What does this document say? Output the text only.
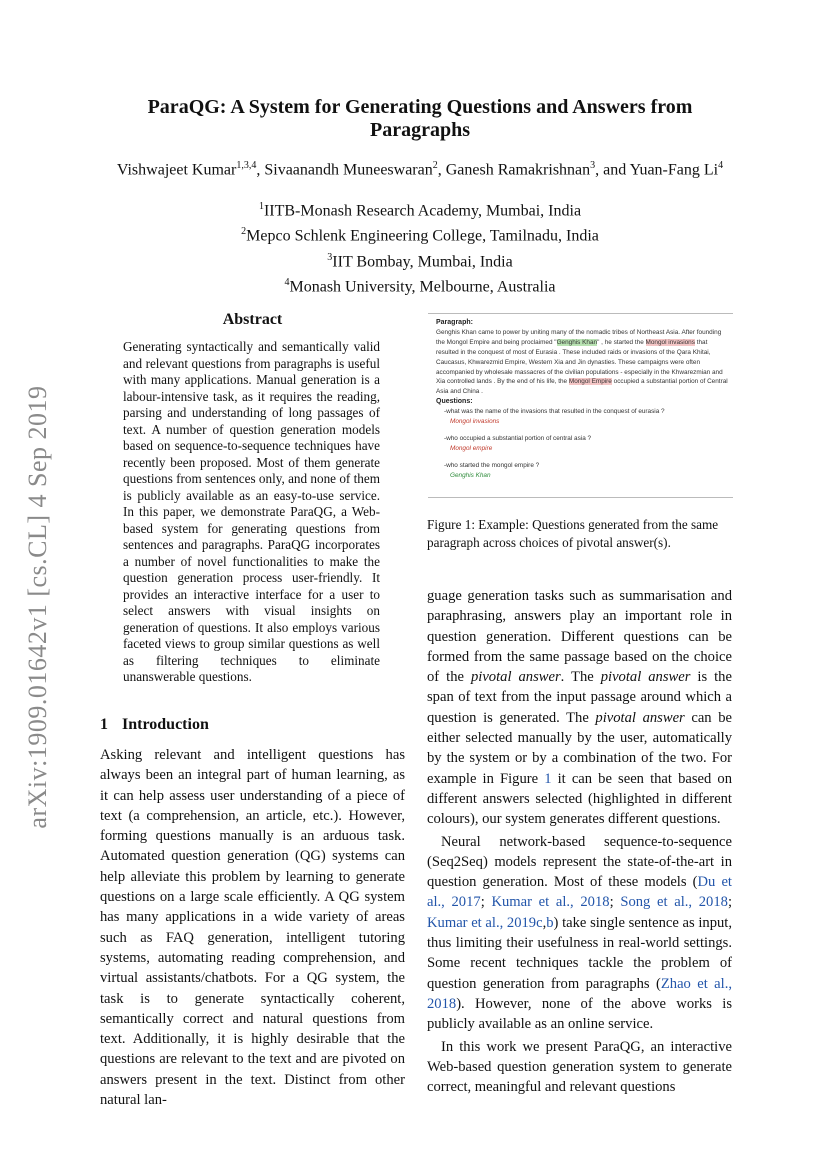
arXiv:1909.01642v1 [cs.CL] 4 Sep 2019
ParaQG: A System for Generating Questions and Answers from Paragraphs
Vishwajeet Kumar$^{1,3,4}$, Sivaanandh Muneeswaran$^2$, Ganesh Ramakrishnan$^3$, and Yuan-Fang Li$^4$
$^1$IITB-Monash Research Academy, Mumbai, India
$^2$Mepco Schlenk Engineering College, Tamilnadu, India
$^3$IIT Bombay, Mumbai, India
$^4$Monash University, Melbourne, Australia
Abstract
Generating syntactically and semantically valid and relevant questions from paragraphs is useful with many applications. Manual generation is a labour-intensive task, as it requires the reading, parsing and understanding of long passages of text. A number of question generation models based on sequence-to-sequence techniques have recently been proposed. Most of them generate questions from sentences only, and none of them is publicly available as an easy-to-use service. In this paper, we demonstrate ParaQG, a Web-based system for generating questions from sentences and paragraphs. ParaQG incorporates a number of novel functionalities to make the question generation process user-friendly. It provides an interactive interface for a user to select answers with visual insights on generation of questions. It also employs various faceted views to group similar questions as well as filtering techniques to eliminate unanswerable questions.
1 Introduction

Asking relevant and intelligent questions has always been an integral part of human learning, as it can help assess user understanding of a piece of text (a comprehension, an article, etc.). However, forming questions manually is an arduous task. Automated question generation (QG) systems can help alleviate this problem by learning to generate questions on a large scale efficiently. A QG system has many applications in a wide variety of areas such as FAQ generation, intelligent tutoring systems, automating reading comprehension, and virtual assistants/chatbots. For a QG system, the task is to generate syntactically coherent, semantically correct and natural questions from text. Additionally, it is highly desirable that the questions are relevant to the text and are pivoted on answers present in the text. Distinct from other natural lan-

Paragraph:
Genghis Khan came to power by uniting many of the nomadic tribes of Northeast Asia. After founding the Mongol Empire and being proclaimed "Genghis Khan" , he started the Mongol invasions that resulted in the conquest of most of Eurasia . These included raids or invasions of the Qara Khitai, Caucasus, Khwarezmid Empire, Western Xia and Jin dynasties. These campaigns were often accompanied by wholesale massacres of the civilian populations - especially in the Khwarezmian and Xia controlled lands . By the end of his life, the Mongol Empire occupied a substantial portion of Central Asia and China .
Questions:
-what was the name of the invasions that resulted in the conquest of eurasia ?
Mongol invasions
-who occupied a substantial portion of central asia ?
Mongol empire
-who started the mongol empire ?
Genghis Khan
Figure 1: Example: Questions generated from the same paragraph across choices of pivotal answer(s).

guage generation tasks such as summarisation and paraphrasing, answers play an important role in question generation. Different questions can be formed from the same passage based on the choice of the pivotal answer. The pivotal answer is the span of text from the input passage around which a question is generated. The pivotal answer can be either selected manually by the user, automatically by the system or by a combination of the two. For example in Figure 1 it can be seen that based on different answers selected (highlighted in different colours), our system generates different questions.

Neural network-based sequence-to-sequence (Seq2Seq) models represent the state-of-the-art in question generation. Most of these models (Du et al., 2017; Kumar et al., 2018; Song et al., 2018; Kumar et al., 2019c,b) take single sentence as input, thus limiting their usefulness in real-world settings. Some recent techniques tackle the problem of question generation from paragraphs (Zhao et al., 2018). However, none of the above works is publicly available as an online service.

In this work we present ParaQG, an interactive Web-based question generation system to generate correct, meaningful and relevant questions
